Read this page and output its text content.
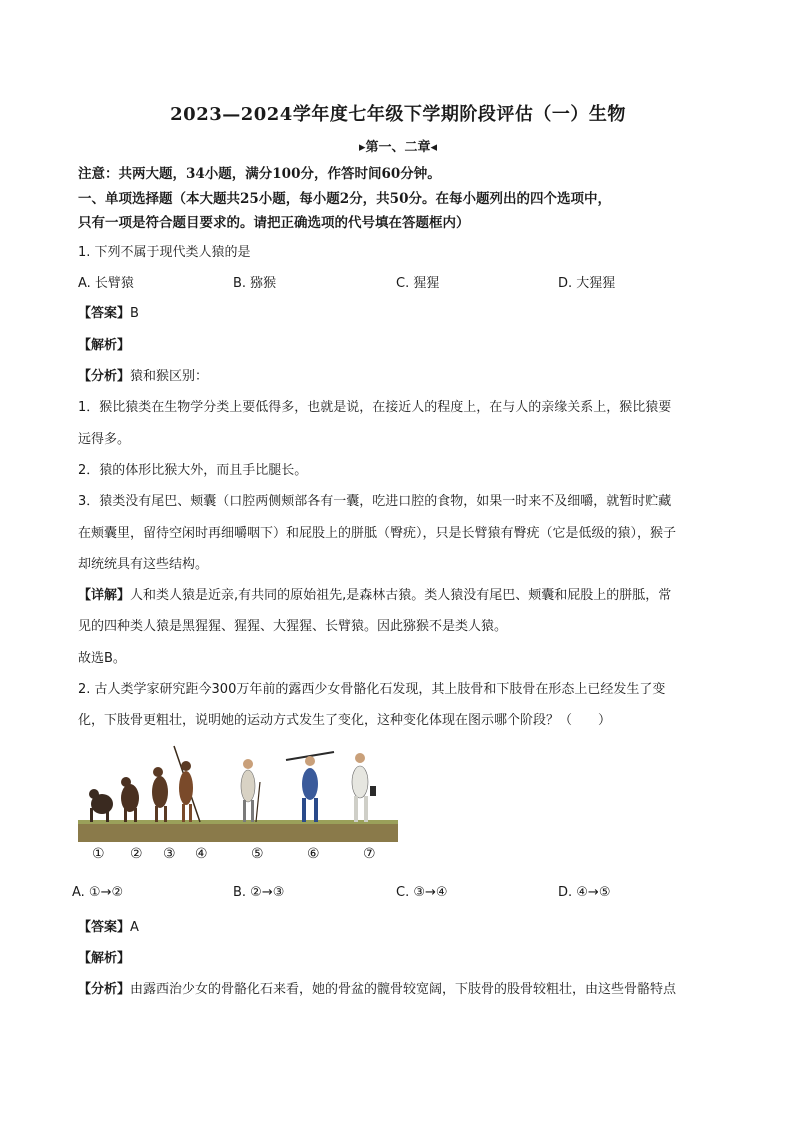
2023—2024学年度七年级下学期阶段评估（一）生物
▸第一、二章◂
注意：共两大题，34小题，满分100分，作答时间60分钟。
一、单项选择题（本大题共25小题，每小题2分，共50分。在每小题列出的四个选项中，
只有一项是符合题目要求的。请把正确选项的代号填在答题框内）
1. 下列不属于现代类人猿的是
A. 长臂猿	B. 猕猴	C. 猩猩	D. 大猩猩
【答案】B
【解析】
【分析】猿和猴区别：
1．猴比猿类在生物学分类上要低得多，也就是说，在接近人的程度上，在与人的亲缘关系上，猴比猿要
远得多。
2．猿的体形比猴大外，而且手比腿长。
3．猿类没有尾巴、颊囊（口腔两侧颊部各有一囊，吃进口腔的食物，如果一时来不及细嚼，就暂时贮藏
在颊囊里，留待空闲时再细嚼咽下）和屁股上的胼胝（臀疣），只是长臂猿有臀疣（它是低级的猿），猴子
却统统具有这些结构。
【详解】人和类人猿是近亲,有共同的原始祖先,是森林古猿。类人猿没有尾巴、颊囊和屁股上的胼胝，常
见的四种类人猿是黑猩猩、猩猩、大猩猩、长臂猿。因此猕猴不是类人猿。
故选B。
2. 古人类学家研究距今300万年前的露西少女骨骼化石发现，其上肢骨和下肢骨在形态上已经发生了变
化，下肢骨更粗壮，说明她的运动方式发生了变化，这种变化体现在图示哪个阶段？（　　）
① ② ③ ④	⑤	⑥	⑦
A. ①→②	B. ②→③	C. ③→④	D. ④→⑤
【答案】A
【解析】
【分析】由露西治少女的骨骼化石来看，她的骨盆的髋骨较宽阔，下肢骨的股骨较粗壮，由这些骨骼特点
